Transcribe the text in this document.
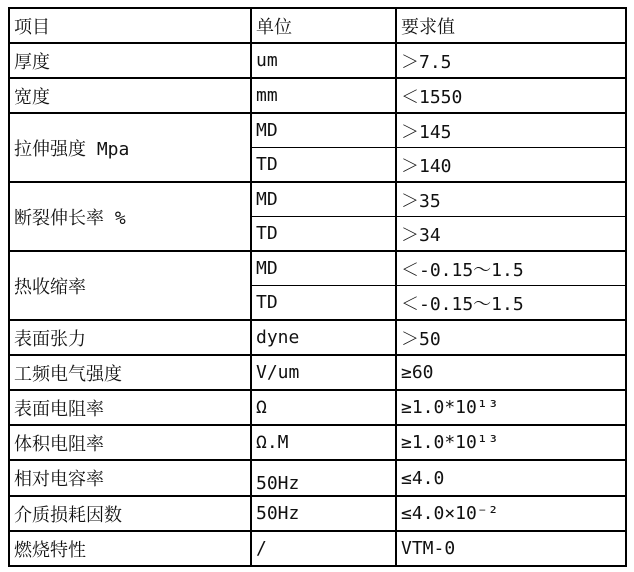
项目	单位	要求值
厚度	um	＞7.5
宽度	mm	＜1550
拉伸强度 Mpa	MD	＞145
	TD	＞140
断裂伸长率 %	MD	＞35
	TD	＞34
热收缩率	MD	＜-0.15～1.5
	TD	＜-0.15～1.5
表面张力	dyne	＞50
工频电气强度	V/um	≥60
表面电阻率	Ω	≥1.0*10¹³
体积电阻率	Ω.M	≥1.0*10¹³
相对电容率	50Hz	≤4.0
介质损耗因数	50Hz	≤4.0×10⁻²
燃烧特性	/	VTM-0
